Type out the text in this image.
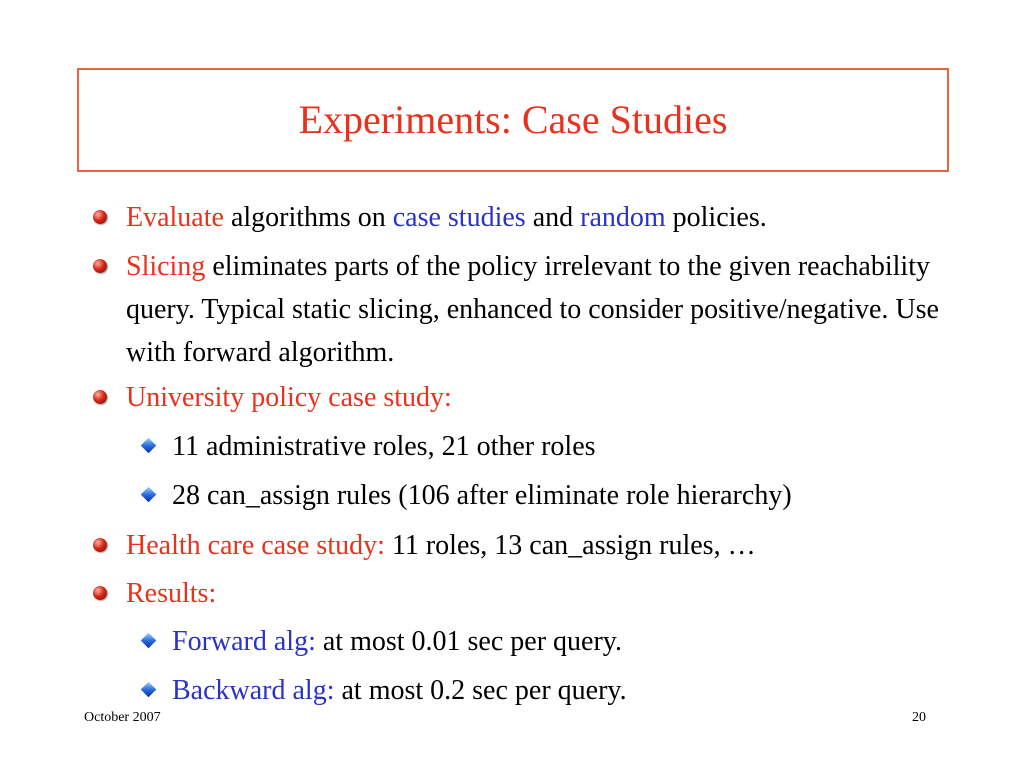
Experiments: Case Studies
Evaluate algorithms on case studies and random policies.
Slicing eliminates parts of the policy irrelevant to the given reachability query. Typical static slicing, enhanced to consider positive/negative. Use with forward algorithm.
University policy case study:
11 administrative roles, 21 other roles
28 can_assign rules (106 after eliminate role hierarchy)
Health care case study: 11 roles, 13 can_assign rules, …
Results:
Forward alg: at most 0.01 sec per query.
Backward alg: at most 0.2 sec per query.
October 2007	20
